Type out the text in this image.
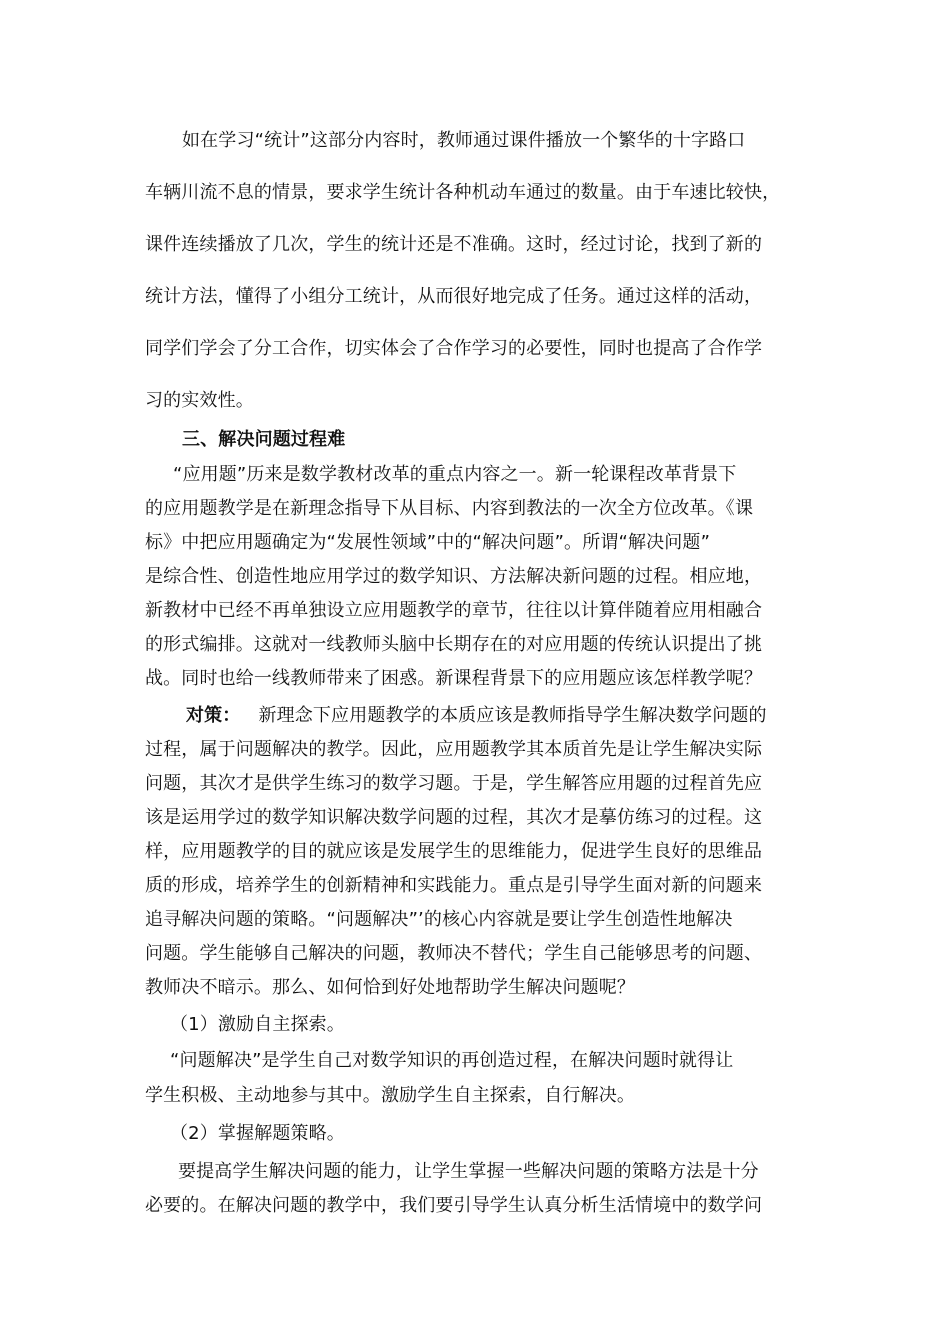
如在学习“统计”这部分内容时，教师通过课件播放一个繁华的十字路口
车辆川流不息的情景，要求学生统计各种机动车通过的数量。由于车速比较快，
课件连续播放了几次，学生的统计还是不准确。这时，经过讨论，找到了新的
统计方法，懂得了小组分工统计，从而很好地完成了任务。通过这样的活动，
同学们学会了分工合作，切实体会了合作学习的必要性，同时也提高了合作学
习的实效性。
三、解决问题过程难
“应用题”历来是数学教材改革的重点内容之一。新一轮课程改革背景下
的应用题教学是在新理念指导下从目标、内容到教法的一次全方位改革。《课
标》中把应用题确定为“发展性领域”中的“解决问题”。所谓“解决问题”
是综合性、创造性地应用学过的数学知识、方法解决新问题的过程。相应地，
新教材中已经不再单独设立应用题教学的章节，往往以计算伴随着应用相融合
的形式编排。这就对一线教师头脑中长期存在的对应用题的传统认识提出了挑
战。同时也给一线教师带来了困惑。新课程背景下的应用题应该怎样教学呢？
对策： 新理念下应用题教学的本质应该是教师指导学生解决数学问题的
过程，属于问题解决的教学。因此，应用题教学其本质首先是让学生解决实际
问题，其次才是供学生练习的数学习题。于是，学生解答应用题的过程首先应
该是运用学过的数学知识解决数学问题的过程，其次才是摹仿练习的过程。这
样，应用题教学的目的就应该是发展学生的思维能力，促进学生良好的思维品
质的形成，培养学生的创新精神和实践能力。重点是引导学生面对新的问题来
追寻解决问题的策略。“问题解决”’的核心内容就是要让学生创造性地解决
问题。学生能够自己解决的问题，教师决不替代；学生自己能够思考的问题、
教师决不暗示。那么、如何恰到好处地帮助学生解决问题呢？
（1）激励自主探索。
“问题解决”是学生自己对数学知识的再创造过程，在解决问题时就得让
学生积极、主动地参与其中。激励学生自主探索，自行解决。
（2）掌握解题策略。
要提高学生解决问题的能力，让学生掌握一些解决问题的策略方法是十分
必要的。在解决问题的教学中，我们要引导学生认真分析生活情境中的数学问
